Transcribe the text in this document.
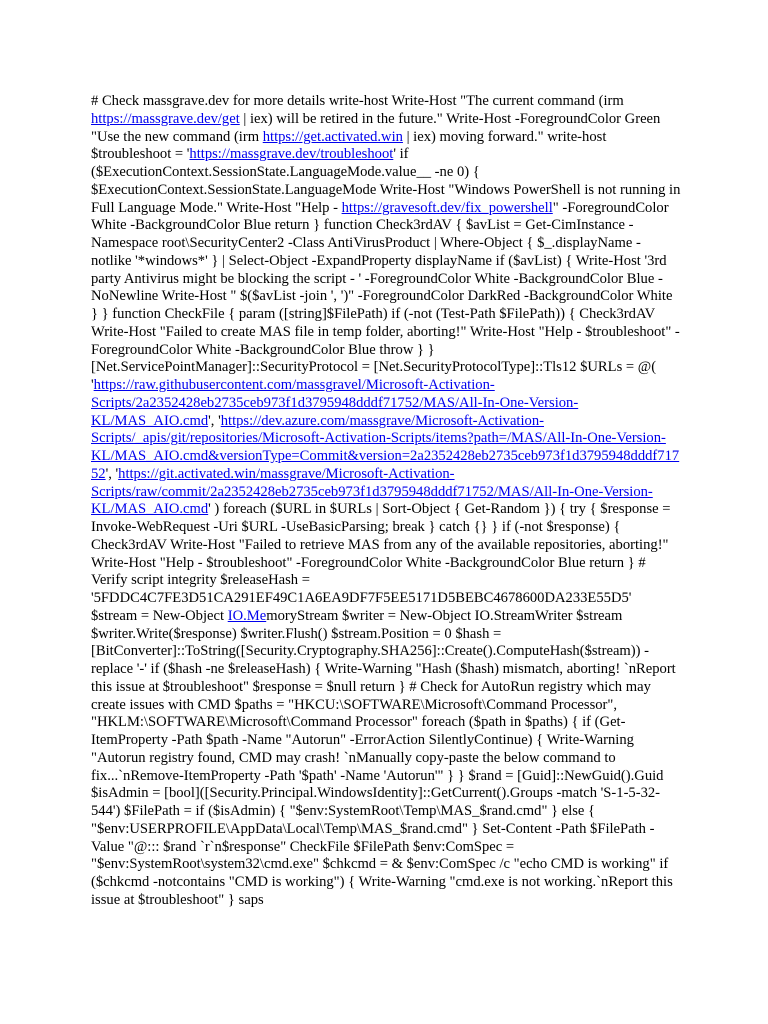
# Check massgrave.dev for more details write-host Write-Host "The current command (irm https://massgrave.dev/get | iex) will be retired in the future." Write-Host -ForegroundColor Green "Use the new command (irm https://get.activated.win | iex) moving forward." write-host $troubleshoot = 'https://massgrave.dev/troubleshoot' if ($ExecutionContext.SessionState.LanguageMode.value__ -ne 0) { $ExecutionContext.SessionState.LanguageMode Write-Host "Windows PowerShell is not running in Full Language Mode." Write-Host "Help - https://gravesoft.dev/fix_powershell" -ForegroundColor White -BackgroundColor Blue return } function Check3rdAV { $avList = Get-CimInstance -Namespace root\SecurityCenter2 -Class AntiVirusProduct | Where-Object { $_.displayName -notlike '*windows*' } | Select-Object -ExpandProperty displayName if ($avList) { Write-Host '3rd party Antivirus might be blocking the script - ' -ForegroundColor White -BackgroundColor Blue -NoNewline Write-Host " $($avList -join ', ')" -ForegroundColor DarkRed -BackgroundColor White } } function CheckFile { param ([string]$FilePath) if (-not (Test-Path $FilePath)) { Check3rdAV Write-Host "Failed to create MAS file in temp folder, aborting!" Write-Host "Help - $troubleshoot" -ForegroundColor White -BackgroundColor Blue throw } } [Net.ServicePointManager]::SecurityProtocol = [Net.SecurityProtocolType]::Tls12 $URLs = @( 'https://raw.githubusercontent.com/massgravel/Microsoft-Activation-Scripts/2a2352428eb2735ceb973f1d3795948dddf71752/MAS/All-In-One-Version-KL/MAS_AIO.cmd', 'https://dev.azure.com/massgrave/Microsoft-Activation-Scripts/_apis/git/repositories/Microsoft-Activation-Scripts/items?path=/MAS/All-In-One-Version-KL/MAS_AIO.cmd&versionType=Commit&version=2a2352428eb2735ceb973f1d3795948dddf71752', 'https://git.activated.win/massgrave/Microsoft-Activation-Scripts/raw/commit/2a2352428eb2735ceb973f1d3795948dddf71752/MAS/All-In-One-Version-KL/MAS_AIO.cmd' ) foreach ($URL in $URLs | Sort-Object { Get-Random }) { try { $response = Invoke-WebRequest -Uri $URL -UseBasicParsing; break } catch {} } if (-not $response) { Check3rdAV Write-Host "Failed to retrieve MAS from any of the available repositories, aborting!" Write-Host "Help - $troubleshoot" -ForegroundColor White -BackgroundColor Blue return } # Verify script integrity $releaseHash = '5FDDC4C7FE3D51CA291EF49C1A6EA9DF7F5EE5171D5BEBC4678600DA233E55D5' $stream = New-Object IO.MemoryStream $writer = New-Object IO.StreamWriter $stream $writer.Write($response) $writer.Flush() $stream.Position = 0 $hash = [BitConverter]::ToString([Security.Cryptography.SHA256]::Create().ComputeHash($stream)) -replace '-' if ($hash -ne $releaseHash) { Write-Warning "Hash ($hash) mismatch, aborting! `nReport this issue at $troubleshoot" $response = $null return } # Check for AutoRun registry which may create issues with CMD $paths = "HKCU:\SOFTWARE\Microsoft\Command Processor", "HKLM:\SOFTWARE\Microsoft\Command Processor" foreach ($path in $paths) { if (Get-ItemProperty -Path $path -Name "Autorun" -ErrorAction SilentlyContinue) { Write-Warning "Autorun registry found, CMD may crash! `nManually copy-paste the below command to fix...`nRemove-ItemProperty -Path '$path' -Name 'Autorun'" } } $rand = [Guid]::NewGuid().Guid $isAdmin = [bool]([Security.Principal.WindowsIdentity]::GetCurrent().Groups -match 'S-1-5-32-544') $FilePath = if ($isAdmin) { "$env:SystemRoot\Temp\MAS_$rand.cmd" } else { "$env:USERPROFILE\AppData\Local\Temp\MAS_$rand.cmd" } Set-Content -Path $FilePath -Value "@::: $rand `r`n$response" CheckFile $FilePath $env:ComSpec = "$env:SystemRoot\system32\cmd.exe" $chkcmd = & $env:ComSpec /c "echo CMD is working" if ($chkcmd -notcontains "CMD is working") { Write-Warning "cmd.exe is not working.`nReport this issue at $troubleshoot" } saps
